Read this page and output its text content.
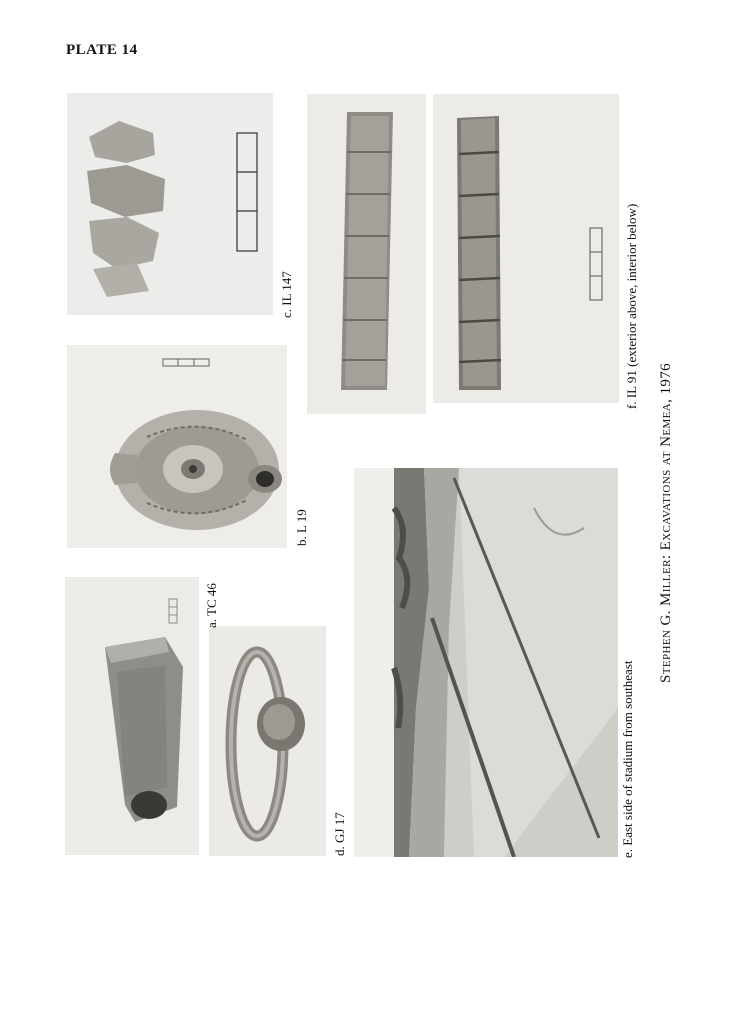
PLATE 14
a. TC 46
b. L 19
c. IL 147
d. GJ 17	e. East side of stadium from southeast
f. IL 91 (exterior above, interior below)
Stephen G. Miller: Excavations at Nemea, 1976
